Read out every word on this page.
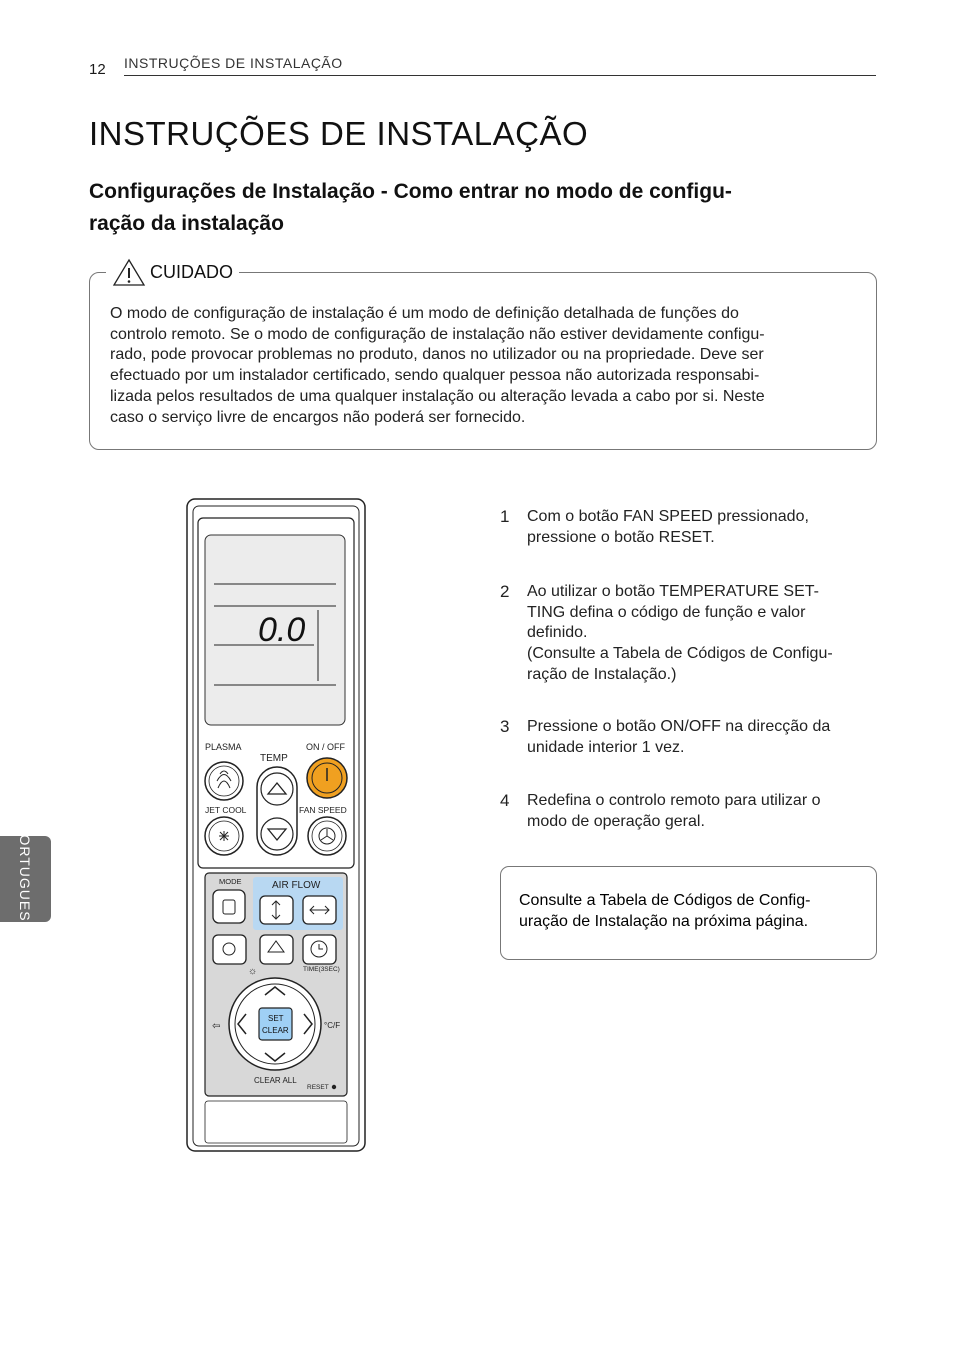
12 INSTRUÇÕES DE INSTALAÇÃO
INSTRUÇÕES DE INSTALAÇÃO
Configurações de Instalação - Como entrar no modo de configu-
ração da instalação
CUIDADO
O modo de configuração de instalação é um modo de definição detalhada de funções do
controlo remoto. Se o modo de configuração de instalação não estiver devidamente configu-
rado, pode provocar problemas no produto, danos no utilizador ou na propriedade. Deve ser
efectuado por um instalador certificado, sendo qualquer pessoa não autorizada responsabi-
lizada pelos resultados de uma qualquer instalação ou alteração levada a cabo por si. Neste
caso o serviço livre de encargos não poderá ser fornecido.
PORTUGUESE
0.0
PLASMA
TEMP
ON / OFF
JET COOL	FAN SPEED
MODE	AIR FLOW
TIME(3SEC)
☼
SET
CLEAR
⇦	°C/F
CLEAR ALL
RESET
1 Com o botão FAN SPEED pressionado,
pressione o botão RESET.
2 Ao utilizar o botão TEMPERATURE SET-
TING defina o código de função e valor
definido.
(Consulte a Tabela de Códigos de Configu-
ração de Instalação.)
3 Pressione o botão ON/OFF na direcção da
unidade interior 1 vez.
4 Redefina o controlo remoto para utilizar o
modo de operação geral.
Consulte a Tabela de Códigos de Config-
uração de Instalação na próxima página.
